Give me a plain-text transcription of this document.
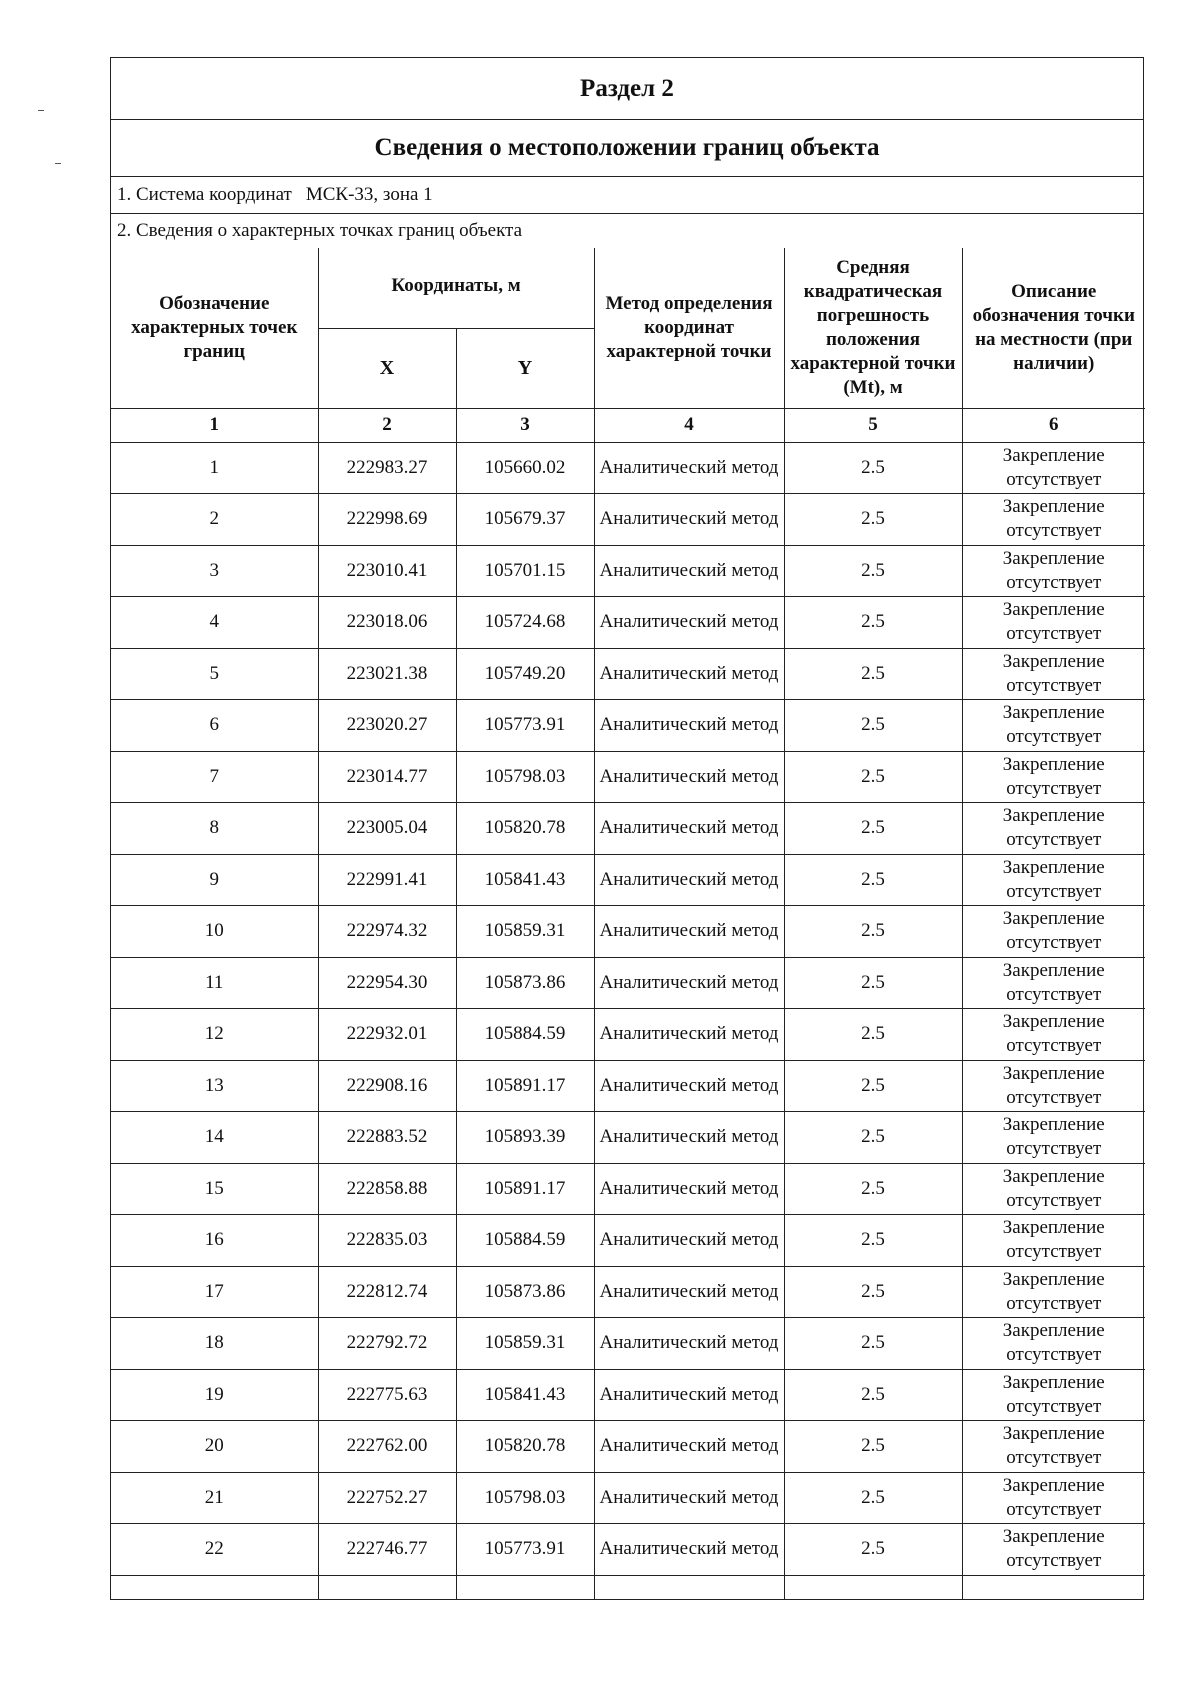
Раздел 2
Сведения о местоположении границ объекта
1. Система координат МСК-33, зона 1
2. Сведения о характерных точках границ объекта
Обозначение характерных точек границ	Координаты, м		Метод определения координат характерной точки	Средняя квадратическая погрешность положения характерной точки (Mt), м	Описание обозначения точки на местности (при наличии)
	X	Y			
1	2	3	4	5	6
1	222983.27	105660.02	Аналитический метод	2.5	Закрепление отсутствует
2	222998.69	105679.37	Аналитический метод	2.5	Закрепление отсутствует
3	223010.41	105701.15	Аналитический метод	2.5	Закрепление отсутствует
4	223018.06	105724.68	Аналитический метод	2.5	Закрепление отсутствует
5	223021.38	105749.20	Аналитический метод	2.5	Закрепление отсутствует
6	223020.27	105773.91	Аналитический метод	2.5	Закрепление отсутствует
7	223014.77	105798.03	Аналитический метод	2.5	Закрепление отсутствует
8	223005.04	105820.78	Аналитический метод	2.5	Закрепление отсутствует
9	222991.41	105841.43	Аналитический метод	2.5	Закрепление отсутствует
10	222974.32	105859.31	Аналитический метод	2.5	Закрепление отсутствует
11	222954.30	105873.86	Аналитический метод	2.5	Закрепление отсутствует
12	222932.01	105884.59	Аналитический метод	2.5	Закрепление отсутствует
13	222908.16	105891.17	Аналитический метод	2.5	Закрепление отсутствует
14	222883.52	105893.39	Аналитический метод	2.5	Закрепление отсутствует
15	222858.88	105891.17	Аналитический метод	2.5	Закрепление отсутствует
16	222835.03	105884.59	Аналитический метод	2.5	Закрепление отсутствует
17	222812.74	105873.86	Аналитический метод	2.5	Закрепление отсутствует
18	222792.72	105859.31	Аналитический метод	2.5	Закрепление отсутствует
19	222775.63	105841.43	Аналитический метод	2.5	Закрепление отсутствует
20	222762.00	105820.78	Аналитический метод	2.5	Закрепление отсутствует
21	222752.27	105798.03	Аналитический метод	2.5	Закрепление отсутствует
22	222746.77	105773.91	Аналитический метод	2.5	Закрепление отсутствует
